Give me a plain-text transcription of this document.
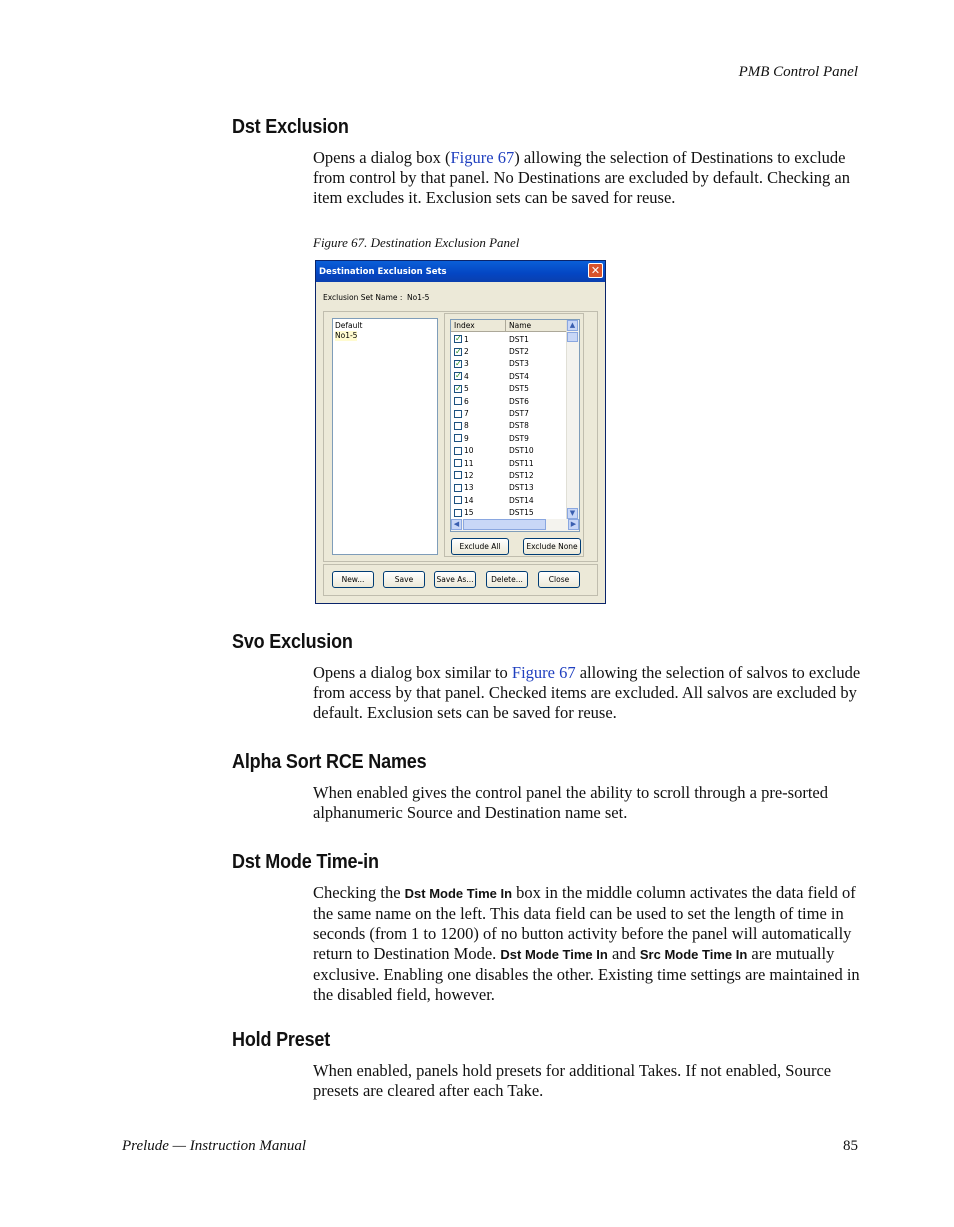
PMB Control Panel
Dst Exclusion

Opens a dialog box (Figure 67) allowing the selection of Destinations to exclude from control by that panel. No Destinations are excluded by default. Checking an item excludes it. Exclusion sets can be saved for reuse.

Figure 67. Destination Exclusion Panel
Destination Exclusion Sets	✕
Exclusion Set Name : No1-5
Default
No1-5
Index	Name
✓ 1	DST1
✓ 2	DST2
✓ 3	DST3
✓ 4	DST4
✓ 5	DST5
6	DST6
7	DST7
8	DST8
9	DST9
10	DST10
11	DST11
12	DST12
13	DST13
14	DST14
15	DST15
▲
▼
◀	▶
Exclude All	Exclude None
New...	Save	Save As...	Delete...	Close
Svo Exclusion

Opens a dialog box similar to Figure 67 allowing the selection of salvos to exclude from access by that panel. Checked items are excluded. All salvos are excluded by default. Exclusion sets can be saved for reuse.

Alpha Sort RCE Names

When enabled gives the control panel the ability to scroll through a pre-sorted alphanumeric Source and Destination name set.

Dst Mode Time-in

Checking the Dst Mode Time In box in the middle column activates the data field of the same name on the left. This data field can be used to set the length of time in seconds (from 1 to 1200) of no button activity before the panel will automatically return to Destination Mode. Dst Mode Time In and Src Mode Time In are mutually exclusive. Enabling one disables the other. Existing time settings are maintained in the disabled field, however.

Hold Preset

When enabled, panels hold presets for additional Takes. If not enabled, Source presets are cleared after each Take.

Prelude — Instruction Manual	85
